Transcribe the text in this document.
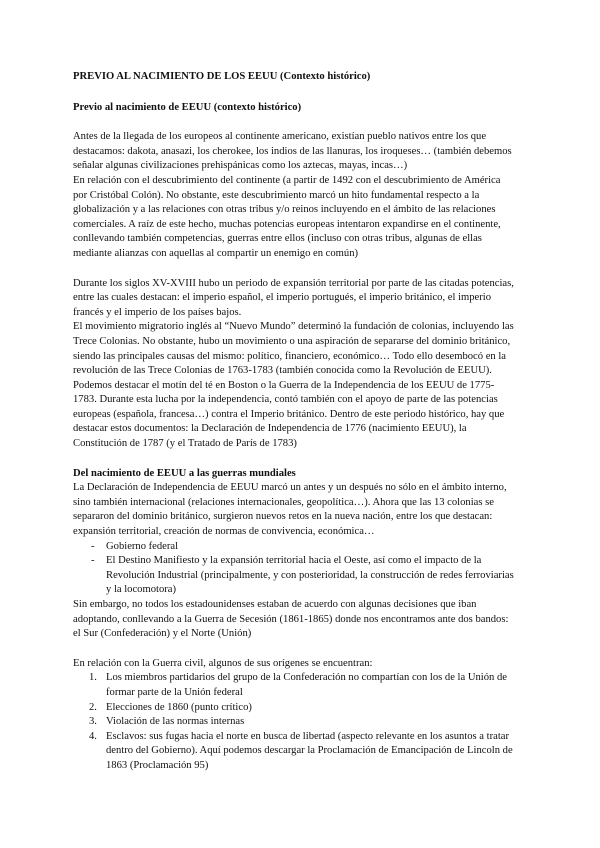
PREVIO AL NACIMIENTO DE LOS EEUU (Contexto histórico)

Previo al nacimiento de EEUU (contexto histórico)

Antes de la llegada de los europeos al continente americano, existían pueblo nativos entre los que destacamos: dakota, anasazi, los cherokee, los indios de las llanuras, los iroqueses… (también debemos señalar algunas civilizaciones prehispánicas como los aztecas, mayas, incas…)

En relación con el descubrimiento del continente (a partir de 1492 con el descubrimiento de América por Cristóbal Colón). No obstante, este descubrimiento marcó un hito fundamental respecto a la globalización y a las relaciones con otras tribus y/o reinos incluyendo en el ámbito de las relaciones comerciales. A raíz de este hecho, muchas potencias europeas intentaron expandirse en el continente, conllevando también competencias, guerras entre ellos (incluso con otras tribus, algunas de ellas mediante alianzas con aquellas al compartir un enemigo en común)

Durante los siglos XV-XVIII hubo un periodo de expansión territorial por parte de las citadas potencias, entre las cuales destacan: el imperio español, el imperio portugués, el imperio británico, el imperio francés y el imperio de los países bajos.

El movimiento migratorio inglés al “Nuevo Mundo” determinó la fundación de colonias, incluyendo las Trece Colonias. No obstante, hubo un movimiento o una aspiración de separarse del dominio británico, siendo las principales causas del mismo: político, financiero, económico… Todo ello desembocó en la revolución de las Trece Colonias de 1763-1783 (también conocida como la Revolución de EEUU). Podemos destacar el motín del té en Boston o la Guerra de la Independencia de los EEUU de 1775-1783. Durante esta lucha por la independencia, contó también con el apoyo de parte de las potencias europeas (española, francesa…) contra el Imperio británico. Dentro de este periodo histórico, hay que destacar estos documentos: la Declaración de Independencia de 1776 (nacimiento EEUU), la Constitución de 1787 (y el Tratado de París de 1783)

Del nacimiento de EEUU a las guerras mundiales

La Declaración de Independencia de EEUU marcó un antes y un después no sólo en el ámbito interno, sino también internacional (relaciones internacionales, geopolítica…). Ahora que las 13 colonias se separaron del dominio británico, surgieron nuevos retos en la nueva nación, entre los que destacan: expansión territorial, creación de normas de convivencia, económica…

- Gobierno federal
- El Destino Manifiesto y la expansión territorial hacia el Oeste, así como el impacto de la Revolución Industrial (principalmente, y con posterioridad, la construcción de redes ferroviarias y la locomotora)

Sin embargo, no todos los estadounidenses estaban de acuerdo con algunas decisiones que iban adoptando, conllevando a la Guerra de Secesión (1861-1865) donde nos encontramos ante dos bandos: el Sur (Confederación) y el Norte (Unión)

En relación con la Guerra civil, algunos de sus orígenes se encuentran:

1. Los miembros partidarios del grupo de la Confederación no compartían con los de la Unión de formar parte de la Unión federal
2. Elecciones de 1860 (punto crítico)
3. Violación de las normas internas
4. Esclavos: sus fugas hacia el norte en busca de libertad (aspecto relevante en los asuntos a tratar dentro del Gobierno). Aquí podemos descargar la Proclamación de Emancipación de Lincoln de 1863 (Proclamación 95)
